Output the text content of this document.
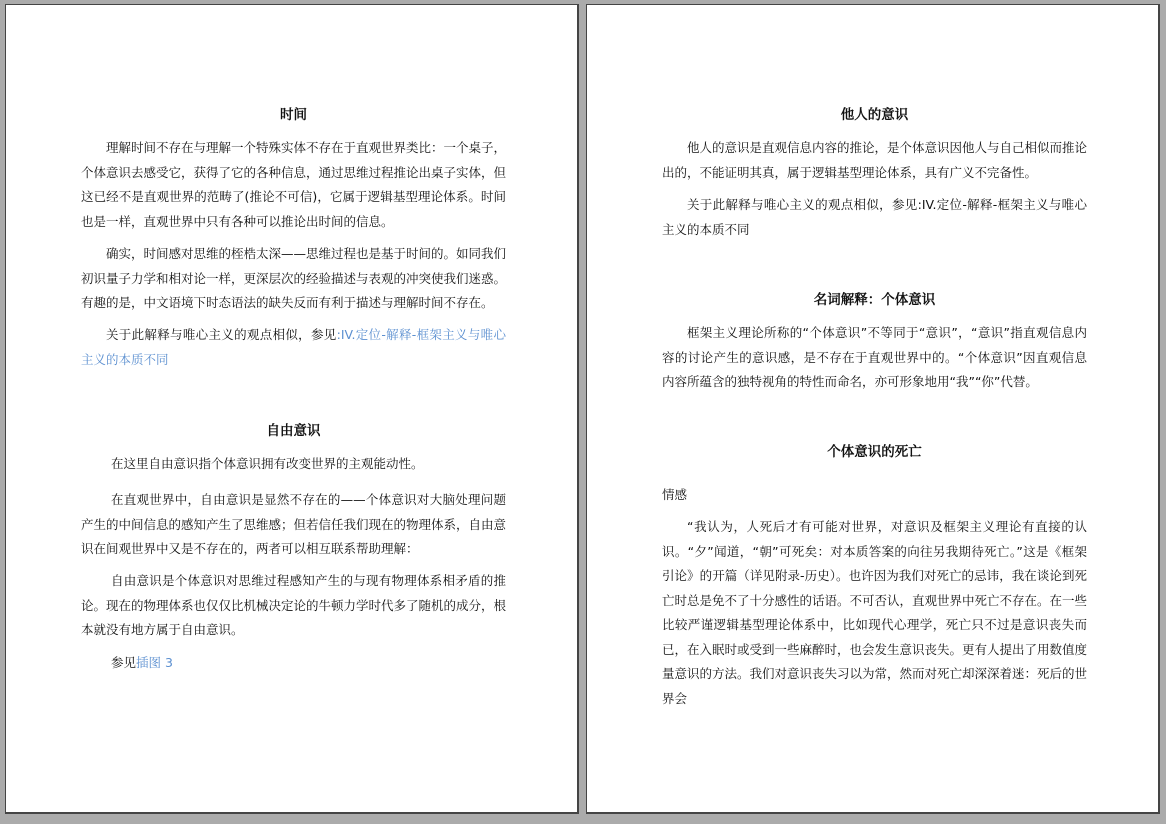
时间

理解时间不存在与理解一个特殊实体不存在于直观世界类比：一个桌子，个体意识去感受它，获得了它的各种信息，通过思维过程推论出桌子实体，但这已经不是直观世界的范畴了(推论不可信)，它属于逻辑基型理论体系。时间也是一样，直观世界中只有各种可以推论出时间的信息。

确实，时间感对思维的桎梏太深——思维过程也是基于时间的。如同我们初识量子力学和相对论一样，更深层次的经验描述与表观的冲突使我们迷惑。有趣的是，中文语境下时态语法的缺失反而有利于描述与理解时间不存在。

关于此解释与唯心主义的观点相似，参见:IV.定位-解释-框架主义与唯心主义的本质不同

自由意识

在这里自由意识指个体意识拥有改变世界的主观能动性。

在直观世界中，自由意识是显然不存在的——个体意识对大脑处理问题产生的中间信息的感知产生了思维感；但若信任我们现在的物理体系，自由意识在间观世界中又是不存在的，两者可以相互联系帮助理解：

自由意识是个体意识对思维过程感知产生的与现有物理体系相矛盾的推论。现在的物理体系也仅仅比机械决定论的牛顿力学时代多了随机的成分，根本就没有地方属于自由意识。

参见插图 3

他人的意识

他人的意识是直观信息内容的推论，是个体意识因他人与自己相似而推论出的，不能证明其真，属于逻辑基型理论体系，具有广义不完备性。

关于此解释与唯心主义的观点相似，参见:IV.定位-解释-框架主义与唯心主义的本质不同

名词解释：个体意识

框架主义理论所称的“个体意识”不等同于“意识”，“意识”指直观信息内容的讨论产生的意识感，是不存在于直观世界中的。“个体意识”因直观信息内容所蕴含的独特视角的特性而命名，亦可形象地用“我”“你”代替。

个体意识的死亡

情感

“我认为，人死后才有可能对世界，对意识及框架主义理论有直接的认识。“夕”闻道，“朝”可死矣：对本质答案的向往另我期待死亡。”这是《框架引论》的开篇（详见附录-历史）。也许因为我们对死亡的忌讳，我在谈论到死亡时总是免不了十分感性的话语。不可否认，直观世界中死亡不存在。在一些比较严谨逻辑基型理论体系中，比如现代心理学，死亡只不过是意识丧失而已，在入眠时或受到一些麻醉时，也会发生意识丧失。更有人提出了用数值度量意识的方法。我们对意识丧失习以为常，然而对死亡却深深着迷：死后的世界会
